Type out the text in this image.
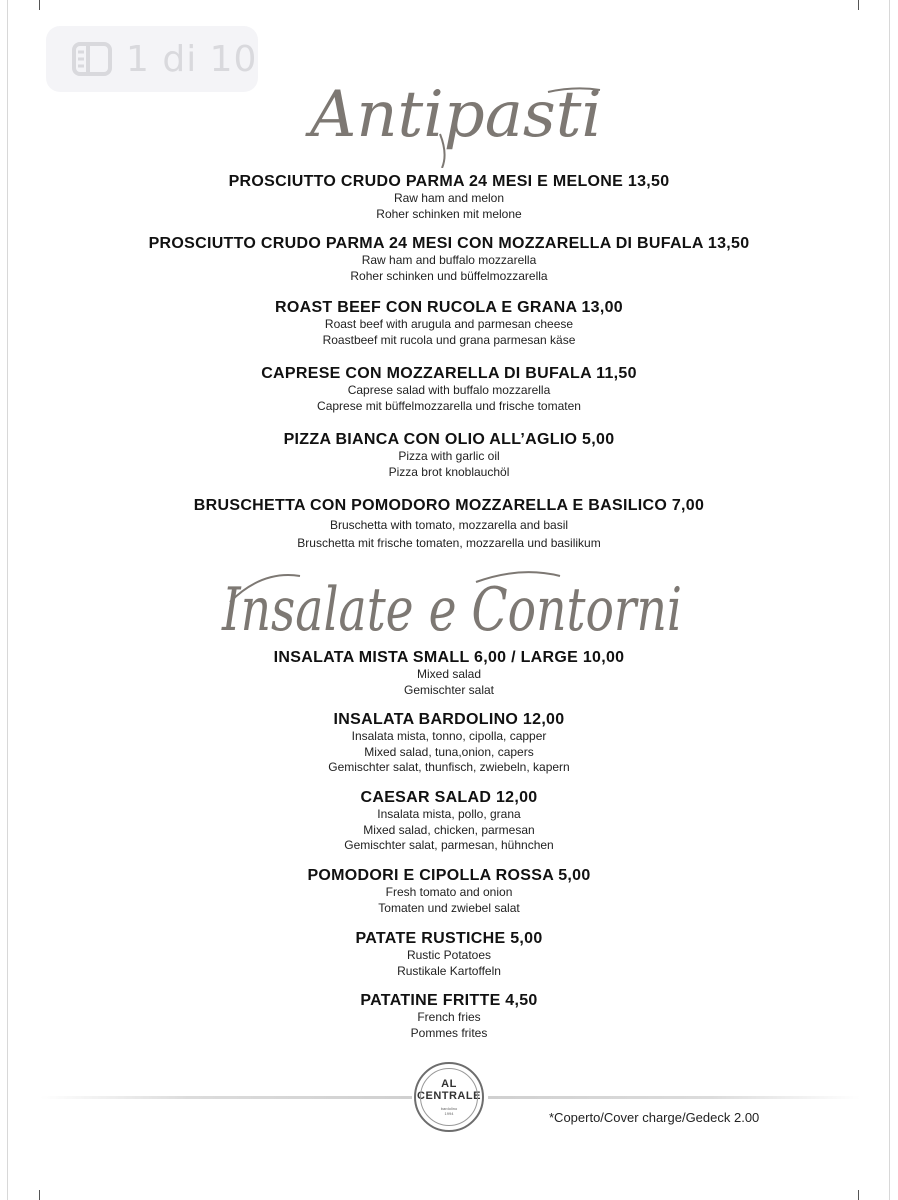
1 di 10
Antipasti
PROSCIUTTO CRUDO PARMA 24 MESI E MELONE 13,50
Raw ham and melon
Roher schinken mit melone
PROSCIUTTO CRUDO PARMA 24 MESI CON MOZZARELLA DI BUFALA 13,50
Raw ham and buffalo mozzarella
Roher schinken und büffelmozzarella
ROAST BEEF CON RUCOLA E GRANA 13,00
Roast beef with arugula and parmesan cheese
Roastbeef mit rucola und grana parmesan käse
CAPRESE CON MOZZARELLA DI BUFALA 11,50
Caprese salad with buffalo mozzarella
Caprese mit büffelmozzarella und frische tomaten
PIZZA BIANCA CON OLIO ALL’AGLIO 5,00
Pizza with garlic oil
Pizza brot knoblauchöl
BRUSCHETTA CON POMODORO MOZZARELLA E BASILICO 7,00
Bruschetta with tomato, mozzarella and basil
Bruschetta mit frische tomaten, mozzarella und basilikum
Insalate e Contorni
INSALATA MISTA SMALL 6,00 / LARGE 10,00
Mixed salad
Gemischter salat
INSALATA BARDOLINO 12,00
Insalata mista, tonno, cipolla, capper
Mixed salad, tuna,onion, capers
Gemischter salat, thunfisch, zwiebeln, kapern
CAESAR SALAD 12,00
Insalata mista, pollo, grana
Mixed salad, chicken, parmesan
Gemischter salat, parmesan, hühnchen
POMODORI E CIPOLLA ROSSA 5,00
Fresh tomato and onion
Tomaten und zwiebel salat
PATATE RUSTICHE 5,00
Rustic Potatoes
Rustikale Kartoffeln
PATATINE FRITTE 4,50
French fries
Pommes frites
AL
CENTRALE
bardolino
1994	*Coperto/Cover charge/Gedeck 2.00
